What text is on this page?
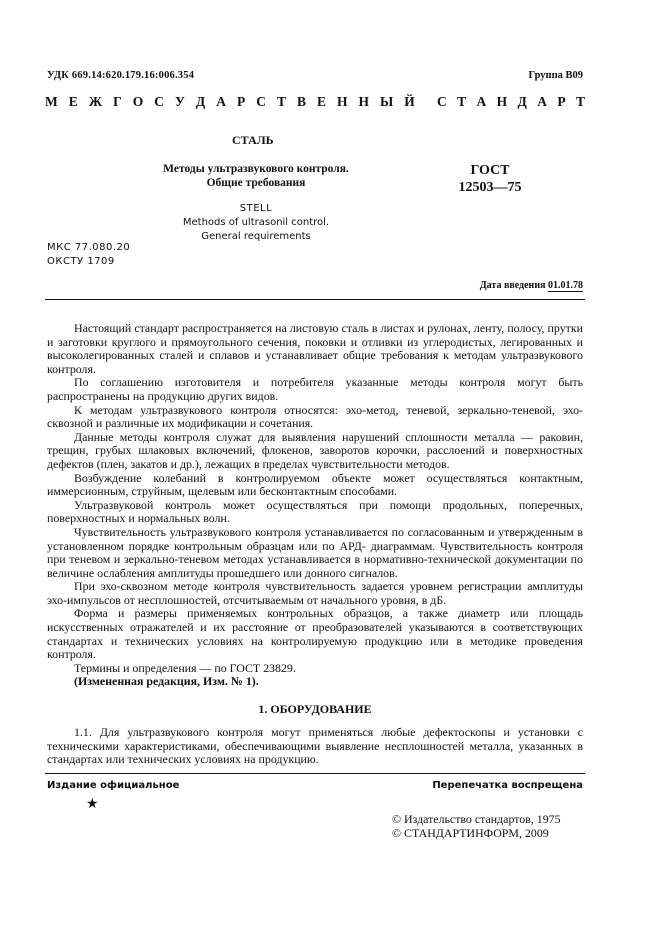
УДК 669.14:620.179.16:006.354	Группа В09
М Е Ж Г О С У Д А Р С Т В Е Н Н Ы Й С Т А Н Д А Р Т
СТАЛЬ
Методы ультразвукового контроля.
Общие требования
ГОСТ
12503—75
STELL
Methods of ultrasonil control.
General requirements
МКС 77.080.20
ОКСТУ 1709
Дата введения 01.01.78

Настоящий стандарт распространяется на листовую сталь в листах и рулонах, ленту, полосу, прутки и заготовки круглого и прямоугольного сечения, поковки и отливки из углеродистых, легированных и высоколегированных сталей и сплавов и устанавливает общие требования к методам ультразвукового контроля.

По соглашению изготовителя и потребителя указанные методы контроля могут быть распространены на продукцию других видов.

К методам ультразвукового контроля относятся: эхо-метод, теневой, зеркально-теневой, эхо-сквозной и различные их модификации и сочетания.

Данные методы контроля служат для выявления нарушений сплошности металла — раковин, трещин, грубых шлаковых включений, флокенов, заворотов корочки, расслоений и поверхностных дефектов (плен, закатов и др.), лежащих в пределах чувствительности методов.

Возбуждение колебаний в контролируемом объекте может осуществляться контактным, иммерсионным, струйным, щелевым или бесконтактным способами.

Ультразвуковой контроль может осуществляться при помощи продольных, поперечных, поверхностных и нормальных волн.

Чувствительность ультразвукового контроля устанавливается по согласованным и утвержденным в установленном порядке контрольным образцам или по АРД- диаграммам. Чувствительность контроля при теневом и зеркально-теневом методах устанавливается в нормативно-технической документации по величине ослабления амплитуды прошедшего или донного сигналов.

При эхо-сквозном методе контроля чувствительность задается уровнем регистрации амплитуды эхо-импульсов от несплошностей, отсчитываемым от начального уровня, в дБ.

Форма и размеры применяемых контрольных образцов, а также диаметр или площадь искусственных отражателей и их расстояние от преобразователей указываются в соответствующих стандартах и технических условиях на контролируемую продукцию или в методике проведения контроля.

Термины и определения — по ГОСТ 23829.

(Измененная редакция, Изм. № 1).

1. ОБОРУДОВАНИЕ

1.1. Для ультразвукового контроля могут применяться любые дефектоскопы и установки с техническими характеристиками, обеспечивающими выявление несплошностей металла, указанных в стандартах или технических условиях на продукцию.

Издание официальное	Перепечатка воспрещена
★
© Издательство стандартов, 1975
© СТАНДАРТИНФОРМ, 2009
